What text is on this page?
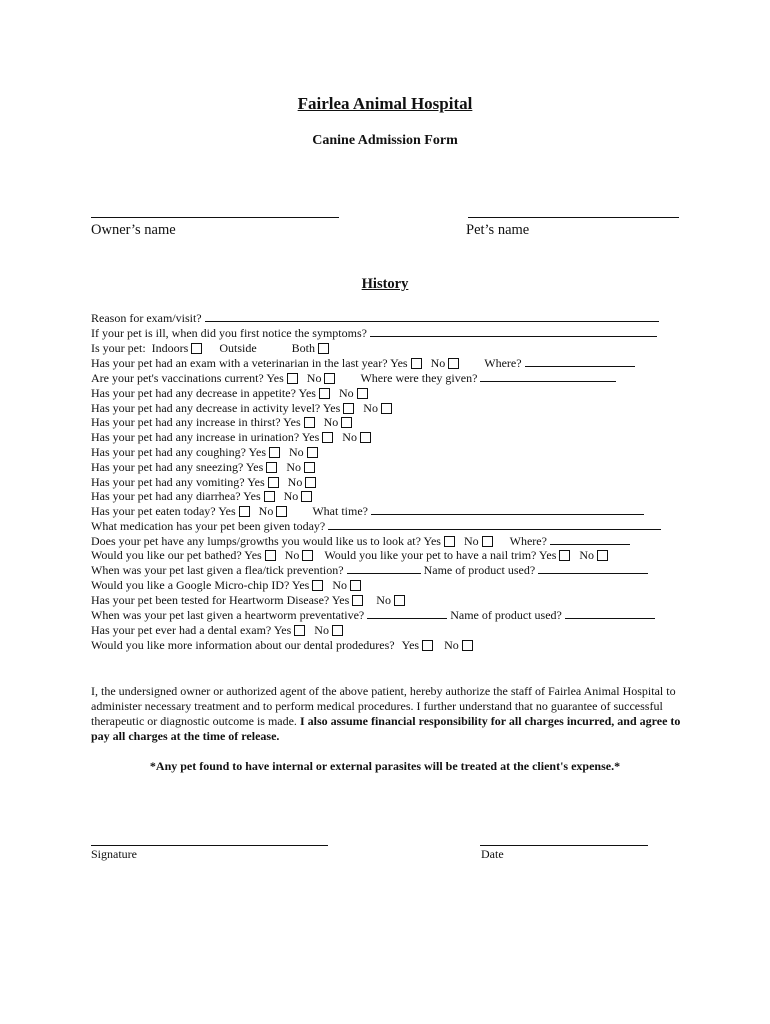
Fairlea Animal Hospital
Canine Admission Form
Owner’s name	Pet’s name
History
Reason for exam/visit?
If your pet is ill, when did you first notice the symptoms?
Is your pet: Indoors	Outside	Both
Has your pet had an exam with a veterinarian in the last year? Yes No	Where?
Are your pet's vaccinations current? Yes No	Where were they given?
Has your pet had any decrease in appetite? Yes No
Has your pet had any decrease in activity level? Yes No
Has your pet had any increase in thirst? Yes No
Has your pet had any increase in urination? Yes No
Has your pet had any coughing? Yes No
Has your pet had any sneezing? Yes No
Has your pet had any vomiting? Yes No
Has your pet had any diarrhea? Yes No
Has your pet eaten today? Yes No	What time?
What medication has your pet been given today?
Does your pet have any lumps/growths you would like us to look at? Yes No	Where?
Would you like our pet bathed? Yes No Would you like your pet to have a nail trim? Yes No
When was your pet last given a flea/tick prevention?	Name of product used?
Would you like a Google Micro-chip ID? Yes No
Has your pet been tested for Heartworm Disease? Yes No
When was your pet last given a heartworm preventative?	Name of product used?
Has your pet ever had a dental exam? Yes No
Would you like more information about our dental prodedures? Yes No
I, the undersigned owner or authorized agent of the above patient, hereby authorize the staff of Fairlea Animal Hospital to administer necessary treatment and to perform medical procedures. I further understand that no guarantee of successful therapeutic or diagnostic outcome is made. I also assume financial responsibility for all charges incurred, and agree to pay all charges at the time of release.
*Any pet found to have internal or external parasites will be treated at the client's expense.*
Signature	Date
